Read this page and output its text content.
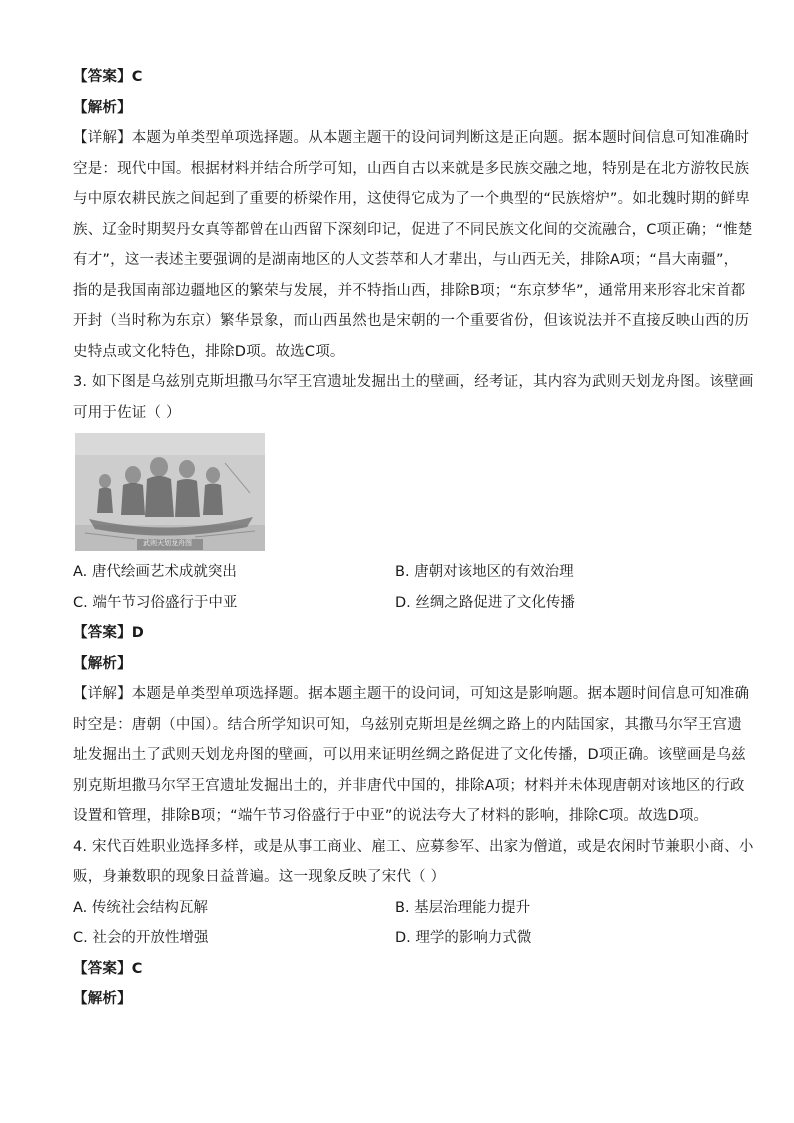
【答案】C
【解析】
【详解】本题为单类型单项选择题。从本题主题干的设问词判断这是正向题。据本题时间信息可知准确时
空是：现代中国。根据材料并结合所学可知，山西自古以来就是多民族交融之地，特别是在北方游牧民族
与中原农耕民族之间起到了重要的桥梁作用，这使得它成为了一个典型的“民族熔炉”。如北魏时期的鲜卑
族、辽金时期契丹女真等都曾在山西留下深刻印记，促进了不同民族文化间的交流融合，C项正确；“惟楚
有才”，这一表述主要强调的是湖南地区的人文荟萃和人才辈出，与山西无关，排除A项；“昌大南疆”，
指的是我国南部边疆地区的繁荣与发展，并不特指山西，排除B项；“东京梦华”，通常用来形容北宋首都
开封（当时称为东京）繁华景象，而山西虽然也是宋朝的一个重要省份，但该说法并不直接反映山西的历
史特点或文化特色，排除D项。故选C项。
3. 如下图是乌兹别克斯坦撒马尔罕王宫遗址发掘出土的壁画，经考证，其内容为武则天划龙舟图。该壁画
可用于佐证（ ）
武则天划龙舟图
A. 唐代绘画艺术成就突出	B. 唐朝对该地区的有效治理
C. 端午节习俗盛行于中亚	D. 丝绸之路促进了文化传播
【答案】D
【解析】
【详解】本题是单类型单项选择题。据本题主题干的设问词，可知这是影响题。据本题时间信息可知准确
时空是：唐朝（中国）。结合所学知识可知，乌兹别克斯坦是丝绸之路上的内陆国家，其撒马尔罕王宫遗
址发掘出土了武则天划龙舟图的壁画，可以用来证明丝绸之路促进了文化传播，D项正确。该壁画是乌兹
别克斯坦撒马尔罕王宫遗址发掘出土的，并非唐代中国的，排除A项；材料并未体现唐朝对该地区的行政
设置和管理，排除B项；“端午节习俗盛行于中亚”的说法夸大了材料的影响，排除C项。故选D项。
4. 宋代百姓职业选择多样，或是从事工商业、雇工、应募参军、出家为僧道，或是农闲时节兼职小商、小
贩，身兼数职的现象日益普遍。这一现象反映了宋代（ ）
A. 传统社会结构瓦解	B. 基层治理能力提升
C. 社会的开放性增强	D. 理学的影响力式微
【答案】C
【解析】
